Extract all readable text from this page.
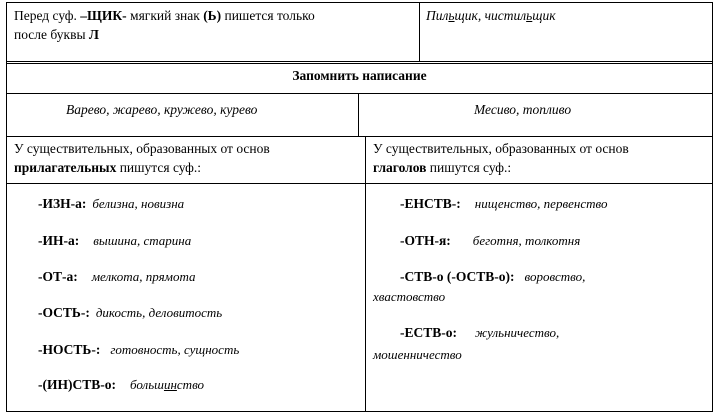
Перед суф. –ЩИК- мягкий знак (Ь) пишется только
после буквы Л
Пильщик, чистильщик
Запомнить написание
Варево, жарево, кружево, курево	Месиво, топливо
У существительных, образованных от основ
прилагательных пишутся суф.:
У существительных, образованных от основ
глаголов пишутся суф.:
-ИЗН-а: белизна, новизна
-ИН-а: вышина, старина
-ОТ-а: мелкота, прямота
-ОСТЬ-: дикость, деловитость
-НОСТЬ-: готовность, сущность
-(ИН)СТВ-о: большинство
-ЕНСТВ-: нищенство, первенство
-ОТН-я: беготня, толкотня
-СТВ-о (-ОСТВ-о): воровство,
хвастовство
-ЕСТВ-о: жульничество,
мошенничество
